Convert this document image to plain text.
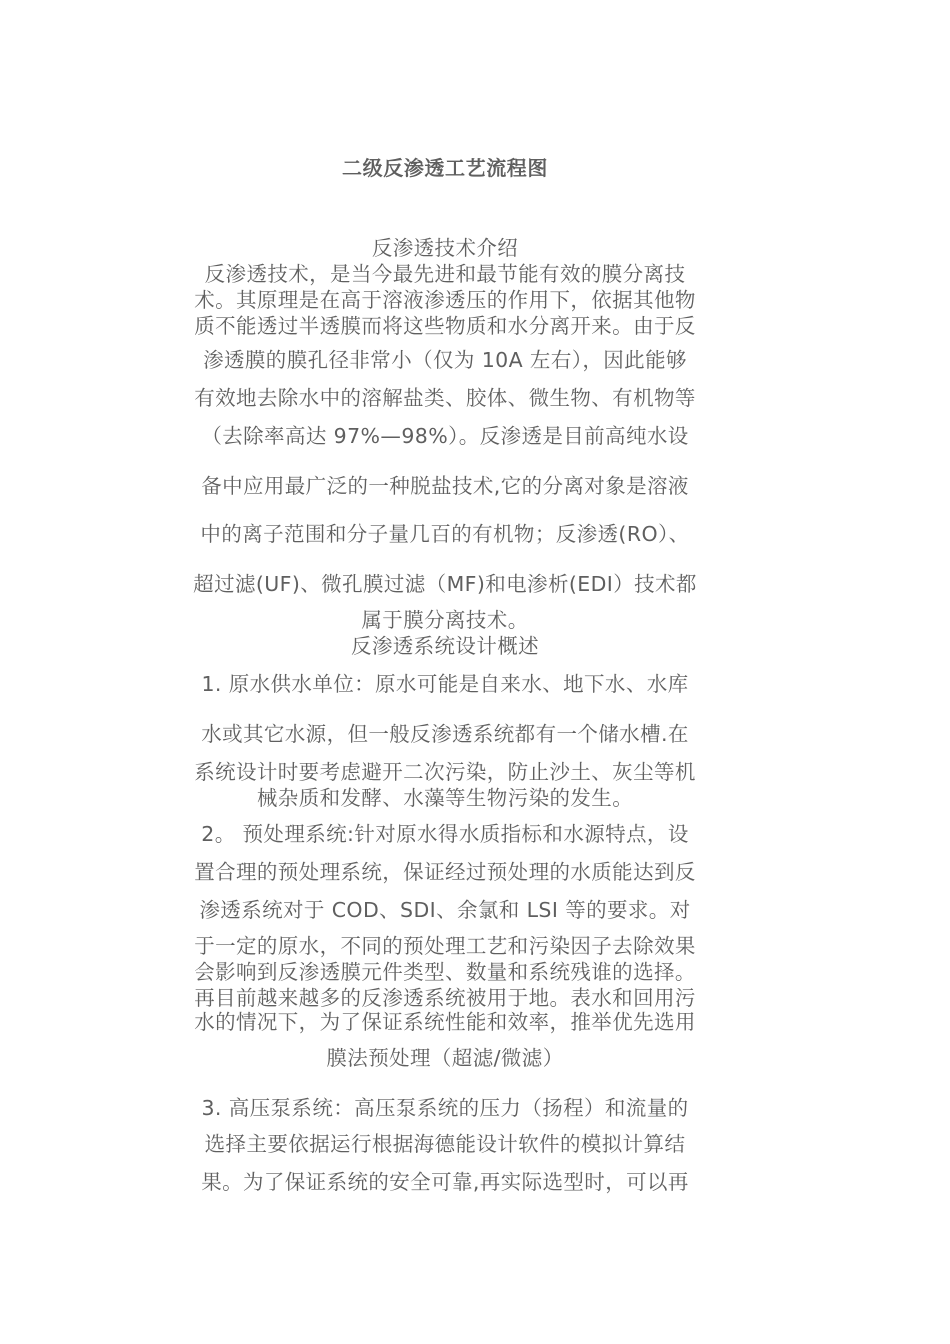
二级反渗透工艺流程图
反渗透技术介绍
反渗透技术，是当今最先进和最节能有效的膜分离技
术。其原理是在高于溶液渗透压的作用下，依据其他物
质不能透过半透膜而将这些物质和水分离开来。由于反
渗透膜的膜孔径非常小（仅为 10A 左右），因此能够
有效地去除水中的溶解盐类、胶体、微生物、有机物等
（去除率高达 97%—98%）。反渗透是目前高纯水设
备中应用最广泛的一种脱盐技术,它的分离对象是溶液
中的离子范围和分子量几百的有机物；反渗透(RO）、
超过滤(UF)、微孔膜过滤（MF)和电渗析(EDI）技术都
属于膜分离技术。
反渗透系统设计概述
1. 原水供水单位：原水可能是自来水、地下水、水库
水或其它水源，但一般反渗透系统都有一个储水槽.在
系统设计时要考虑避开二次污染，防止沙土、灰尘等机
械杂质和发酵、水藻等生物污染的发生。
2。 预处理系统:针对原水得水质指标和水源特点，设
置合理的预处理系统，保证经过预处理的水质能达到反
渗透系统对于 COD、SDI、余氯和 LSI 等的要求。对
于一定的原水，不同的预处理工艺和污染因子去除效果
会影响到反渗透膜元件类型、数量和系统残谁的选择。
再目前越来越多的反渗透系统被用于地。表水和回用污
水的情况下，为了保证系统性能和效率，推举优先选用
膜法预处理（超滤/微滤）
3. 高压泵系统：高压泵系统的压力（扬程）和流量的
选择主要依据运行根据海德能设计软件的模拟计算结
果。为了保证系统的安全可靠,再实际选型时，可以再
